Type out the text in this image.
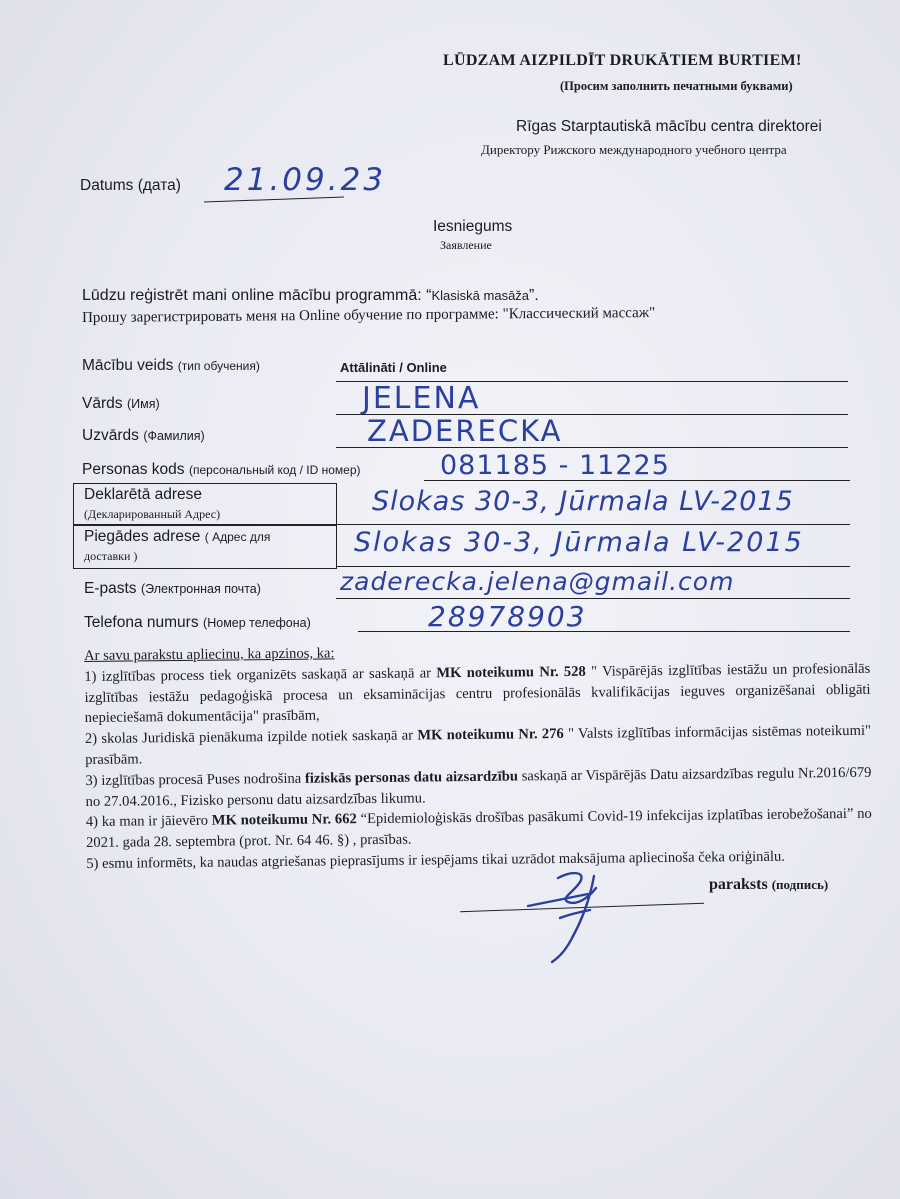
LŪDZAM AIZPILDĪT DRUKĀTIEM BURTIEM!
(Просим заполнить печатными буквами)
Rīgas Starptautiskā mācību centra direktorei
Директору Рижского международного учебного центра
Datums (дата) 21.09.23
Iesniegums
Заявление
Lūdzu reģistrēt mani online mācību programmā: “Klasiskā masāža”.
Прошу зарегистрировать меня на Online обучение по программе: "Классический массаж"
Mācību veids (тип обучения)	Attālināti / Online
Vārds (Имя)	JELENA
Uzvārds (Фамилия)	ZADERECKA
Personas kods (персональный код / ID номер)	081185 - 11225
Deklarētā adrese
(Декларированный Адрес)	Slokas 30-3, Jūrmala LV-2015
Piegādes adrese ( Адрес для
доставки )	Slokas 30-3, Jūrmala LV-2015
E-pasts (Электронная почта)	zaderecka.jelena@gmail.com
Telefona numurs (Номер телефона)	28978903

Ar savu parakstu apliecinu, ka apzinos, ka:

1) izglītības process tiek organizēts saskaņā ar saskaņā ar MK noteikumu Nr. 528 " Vispārējās izglītības iestāžu un profesionālās izglītības iestāžu pedagoģiskā procesa un eksaminācijas centru profesionālās kvalifikācijas ieguves organizēšanai obligāti nepieciešamā dokumentācija" prasībām,

2) skolas Juridiskā pienākuma izpilde notiek saskaņā ar MK noteikumu Nr. 276 " Valsts izglītības informācijas sistēmas noteikumi" prasībām.

3) izglītības procesā Puses nodrošina fiziskās personas datu aizsardzību saskaņā ar Vispārējās Datu aizsardzības regulu Nr.2016/679 no 27.04.2016., Fizisko personu datu aizsardzības likumu.

4) ka man ir jāievēro MK noteikumu Nr. 662 “Epidemioloģiskās drošības pasākumi Covid-19 infekcijas izplatības ierobežošanai” no 2021. gada 28. septembra (prot. Nr. 64 46. §) , prasības.

5) esmu informēts, ka naudas atgriešanas pieprasījums ir iespējams tikai uzrādot maksājuma apliecinoša čeka oriģinālu.

paraksts (подпись)
